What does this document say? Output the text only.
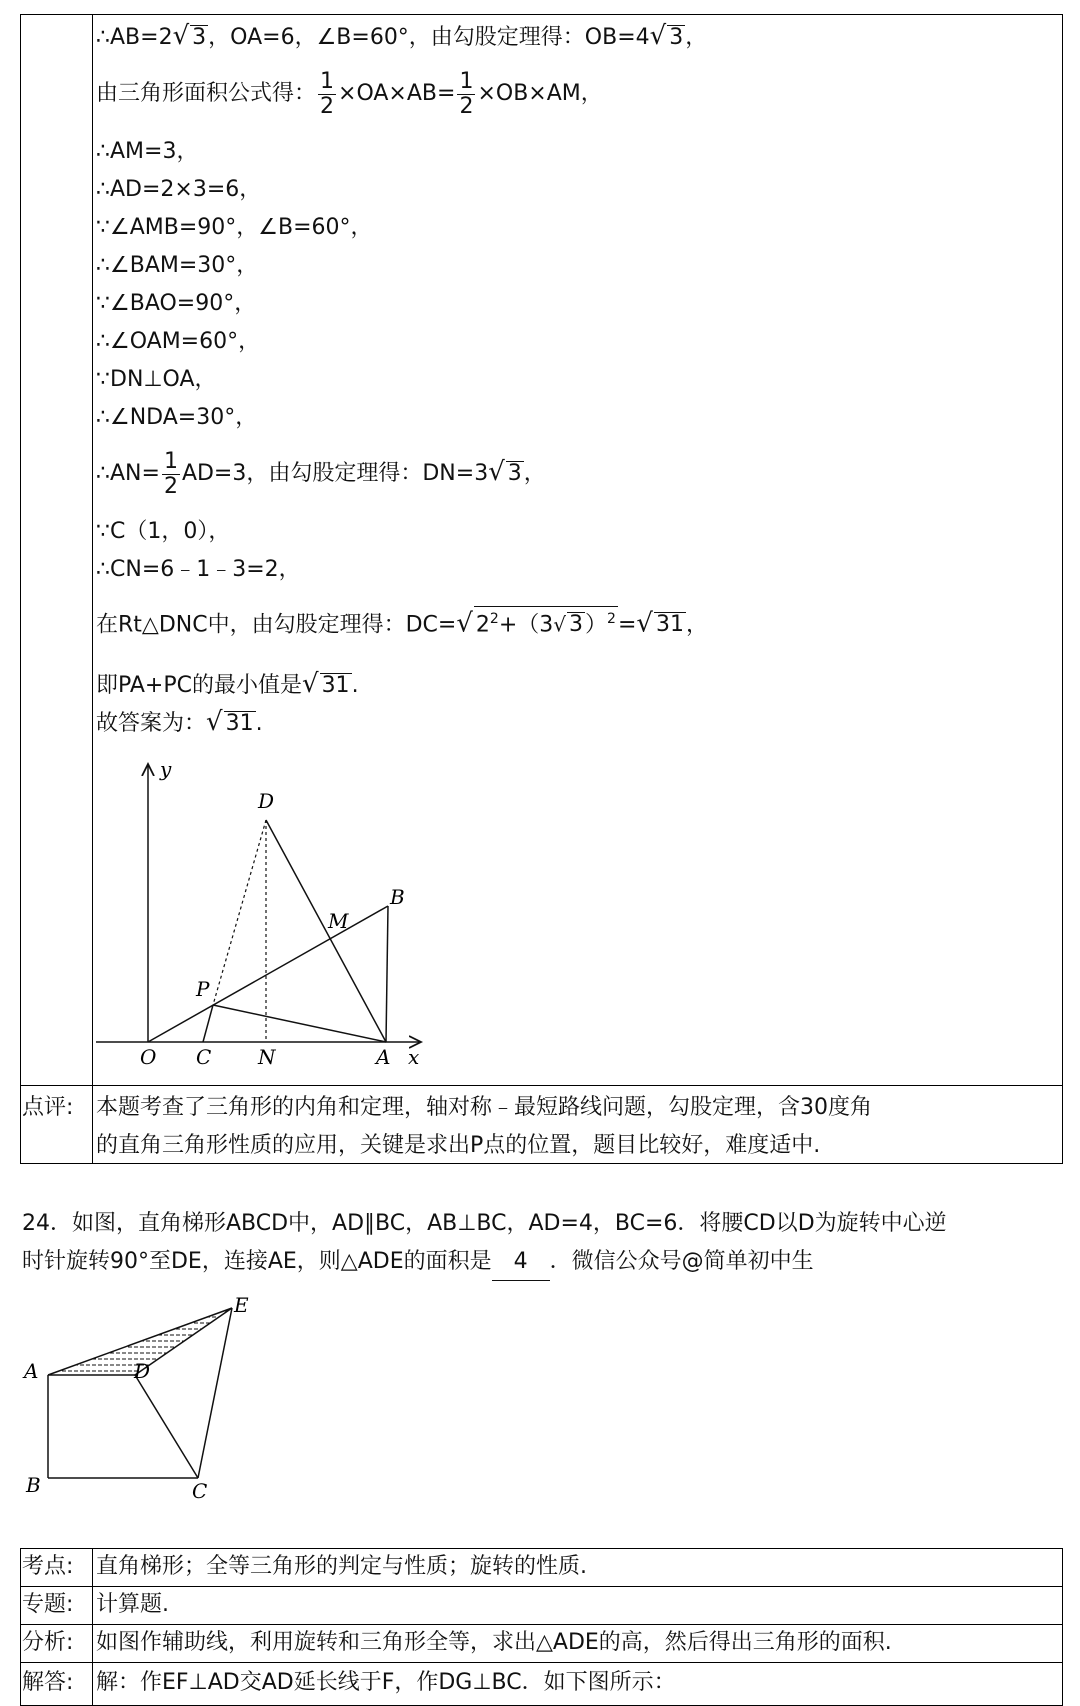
∴AB=2√ 3，OA=6，∠B=60°，由勾股定理得：OB=4√ 3，
由三角形面积公式得： $\frac{1}{2} \times OA\times AB= \frac{1}{2} \times OB\times AM$，
∴AM=3，
∴AD=2×3=6，
∵∠AMB=90°，∠B=60°，
∴∠BAM=30°，
∵∠BAO=90°，
∴∠OAM=60°，
∵DN⊥OA，
∴∠NDA=30°，
∴AN= $\frac{1}{2} AD=3$，由勾股定理得：DN=3√ 3，
∵C（1，0），
∴CN=6﹣1﹣3=2，
在Rt△DNC中，由勾股定理得：DC=√ $2^2+(3√$ 3）$^2$=√ 31，
即PA+PC的最小值是√ 31.
故答案为：√ 31.
y
x
D
B
M
P
O C N	A
点评: 本题考查了三角形的内角和定理，轴对称﹣最短路线问题，勾股定理，含30度角
的直角三角形性质的应用，关键是求出P点的位置，题目比较好，难度适中.
24．如图，直角梯形ABCD中，AD∥BC，AB⊥BC，AD=4，BC=6．将腰CD以D为旋转中心逆
时针旋转90°至DE，连接AE，则△ADE的面积是 4 ．微信公众号@简单初中生
A
B	C
D
E
考点: 直角梯形；全等三角形的判定与性质；旋转的性质.
专题: 计算题.
分析: 如图作辅助线，利用旋转和三角形全等，求出△ADE的高，然后得出三角形的面积.
解答: 解：作EF⊥AD交AD延长线于F，作DG⊥BC．如下图所示：
